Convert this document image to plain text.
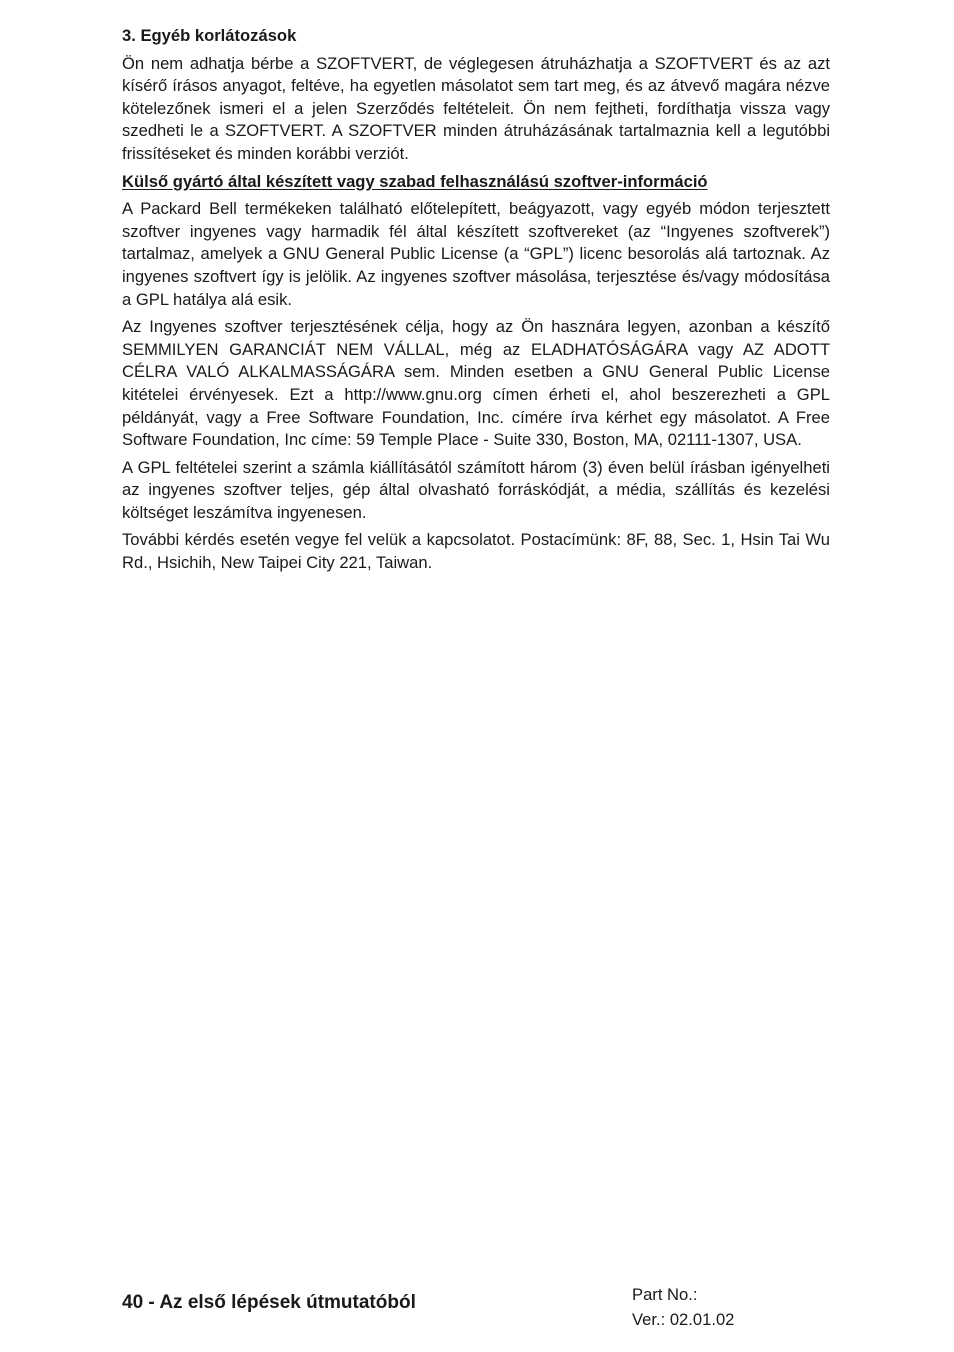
3. Egyéb korlátozások

Ön nem adhatja bérbe a SZOFTVERT, de véglegesen átruházhatja a SZOFTVERT és az azt kísérő írásos anyagot, feltéve, ha egyetlen másolatot sem tart meg, és az átvevő magára nézve kötelezőnek ismeri el a jelen Szerződés feltételeit. Ön nem fejtheti, fordíthatja vissza vagy szedheti le a SZOFTVERT. A SZOFTVER minden átruházásának tartalmaznia kell a legutóbbi frissítéseket és minden korábbi verziót.

Külső gyártó által készített vagy szabad felhasználású szoftver-információ

A Packard Bell termékeken található előtelepített, beágyazott, vagy egyéb módon terjesztett szoftver ingyenes vagy harmadik fél által készített szoftvereket (az “Ingyenes szoftverek”) tartalmaz, amelyek a GNU General Public License (a “GPL”) licenc besorolás alá tartoznak. Az ingyenes szoftvert így is jelölik. Az ingyenes szoftver másolása, terjesztése és/vagy módosítása a GPL hatálya alá esik.

Az Ingyenes szoftver terjesztésének célja, hogy az Ön hasznára legyen, azonban a készítő SEMMILYEN GARANCIÁT NEM VÁLLAL, még az ELADHATÓSÁGÁRA vagy AZ ADOTT CÉLRA VALÓ ALKALMASSÁGÁRA sem. Minden esetben a GNU General Public License kitételei érvényesek. Ezt a http://www.gnu.org címen érheti el, ahol beszerezheti a GPL példányát, vagy a Free Software Foundation, Inc. címére írva kérhet egy másolatot. A Free Software Foundation, Inc címe: 59 Temple Place - Suite 330, Boston, MA, 02111-1307, USA.

A GPL feltételei szerint a számla kiállításától számított három (3) éven belül írásban igényelheti az ingyenes szoftver teljes, gép által olvasható forráskódját, a média, szállítás és kezelési költséget leszámítva ingyenesen.

További kérdés esetén vegye fel velük a kapcsolatot. Postacímünk: 8F, 88, Sec. 1, Hsin Tai Wu Rd., Hsichih, New Taipei City 221, Taiwan.

40 - Az első lépések útmutatóból	Part No.:
Ver.: 02.01.02
